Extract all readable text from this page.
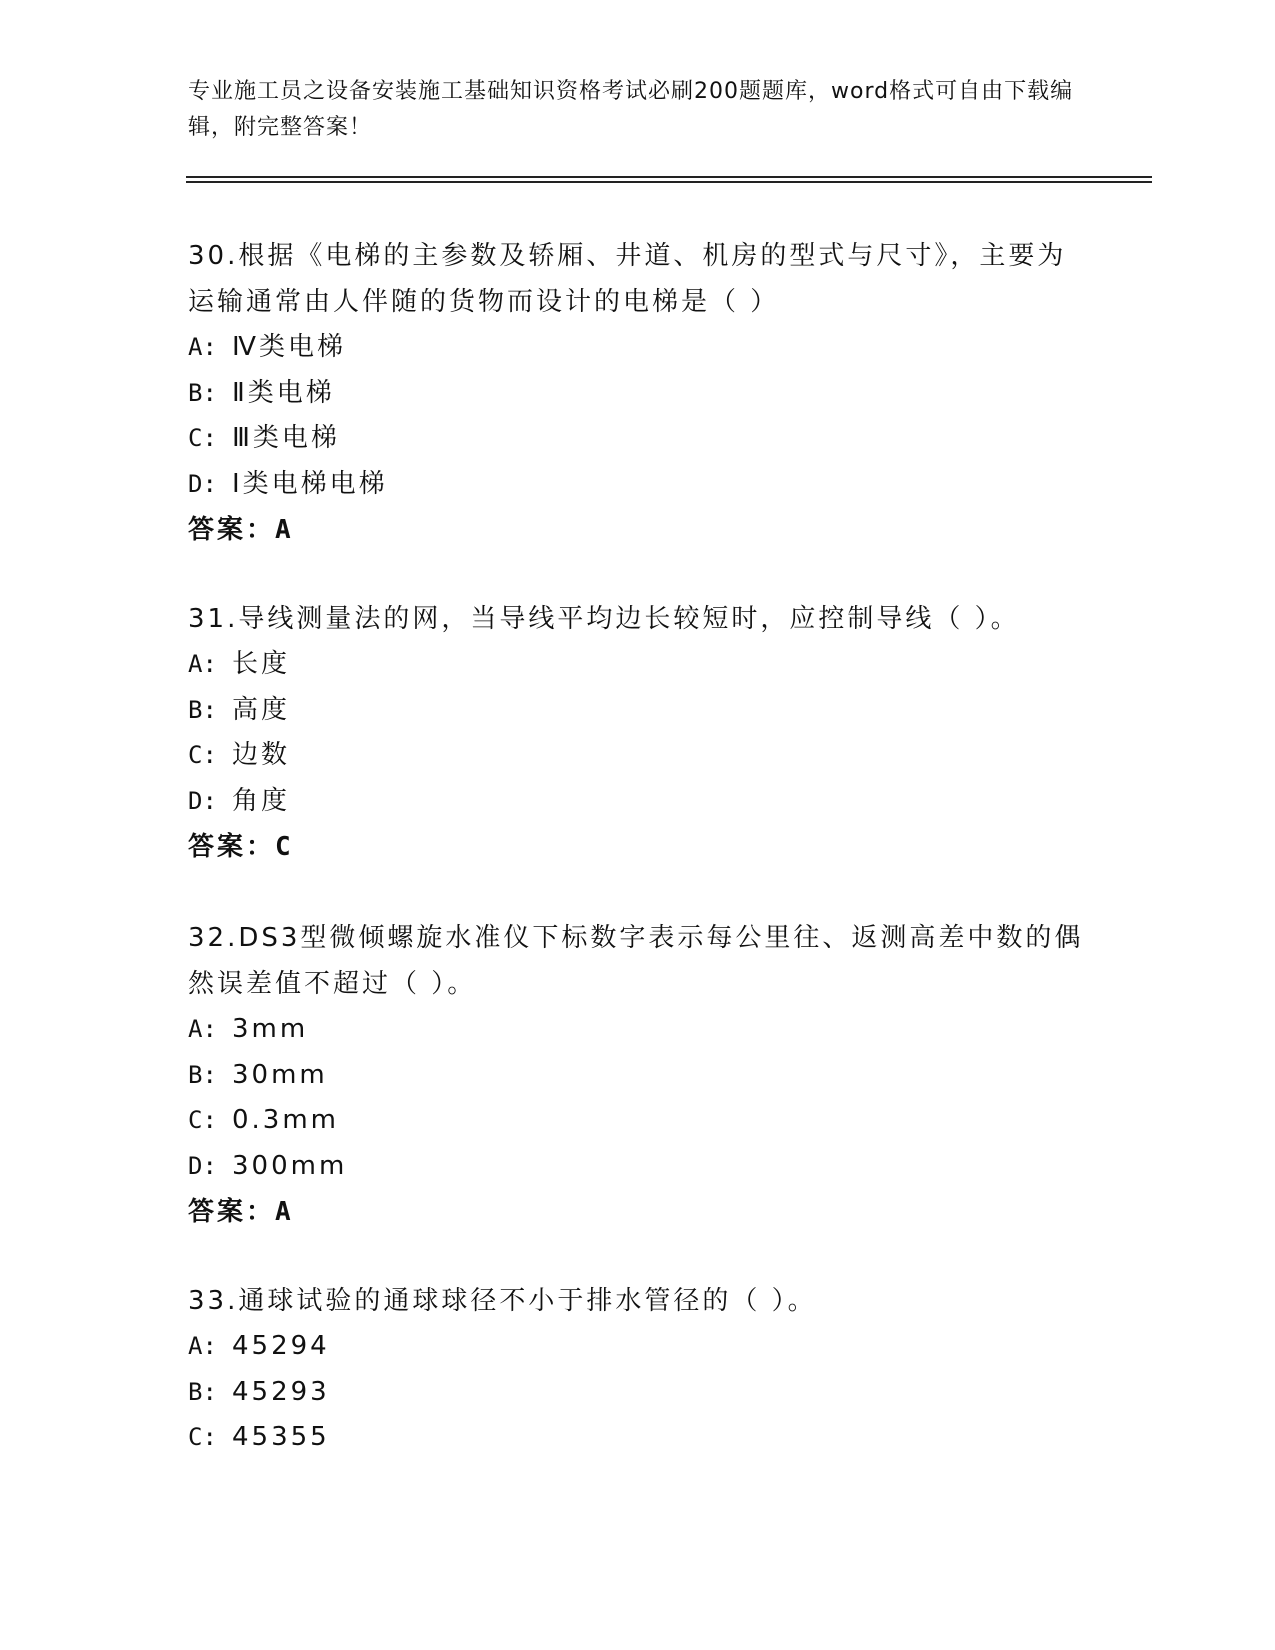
专业施工员之设备安装施工基础知识资格考试必刷200题题库，word格式可自由下载编辑，附完整答案！

30.根据《电梯的主参数及轿厢、井道、机房的型式与尺寸》，主要为运输通常由人伴随的货物而设计的电梯是（ ）

A: Ⅳ类电梯

B: Ⅱ类电梯

C: Ⅲ类电梯

D: Ⅰ类电梯电梯

答案：A

31.导线测量法的网，当导线平均边长较短时，应控制导线（ ）。

A: 长度

B: 高度

C: 边数

D: 角度

答案：C

32.DS3型微倾螺旋水准仪下标数字表示每公里往、返测高差中数的偶然误差值不超过（ ）。

A: 3mm

B: 30mm

C: 0.3mm

D: 300mm

答案：A

33.通球试验的通球球径不小于排水管径的（ ）。

A: 45294

B: 45293

C: 45355
